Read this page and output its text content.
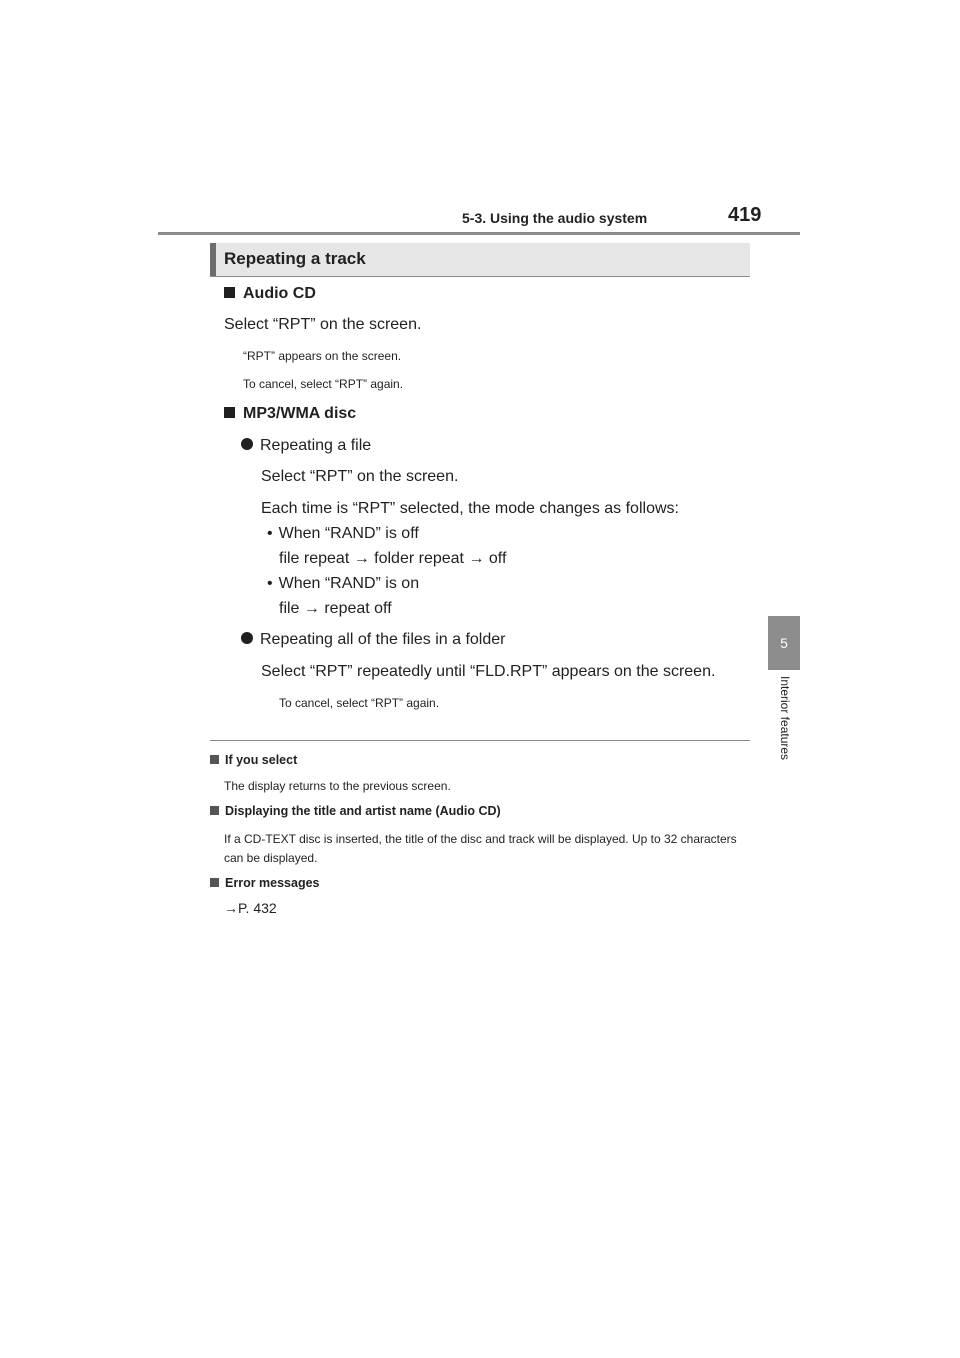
5-3. Using the audio system	419
5
Interior features
Repeating a track
Audio CD
Select “RPT” on the screen.
“RPT” appears on the screen.
To cancel, select “RPT” again.
MP3/WMA disc
Repeating a file
Select “RPT” on the screen.
Each time is “RPT” selected, the mode changes as follows:
• When “RAND” is off
file repeat → folder repeat → off
• When “RAND” is on
file → repeat off
Repeating all of the files in a folder
Select “RPT” repeatedly until “FLD.RPT” appears on the screen.
To cancel, select “RPT” again.
If you select
The display returns to the previous screen.
Displaying the title and artist name (Audio CD)
If a CD-TEXT disc is inserted, the title of the disc and track will be displayed. Up to 32 characters can be displayed.
Error messages
→P. 432
